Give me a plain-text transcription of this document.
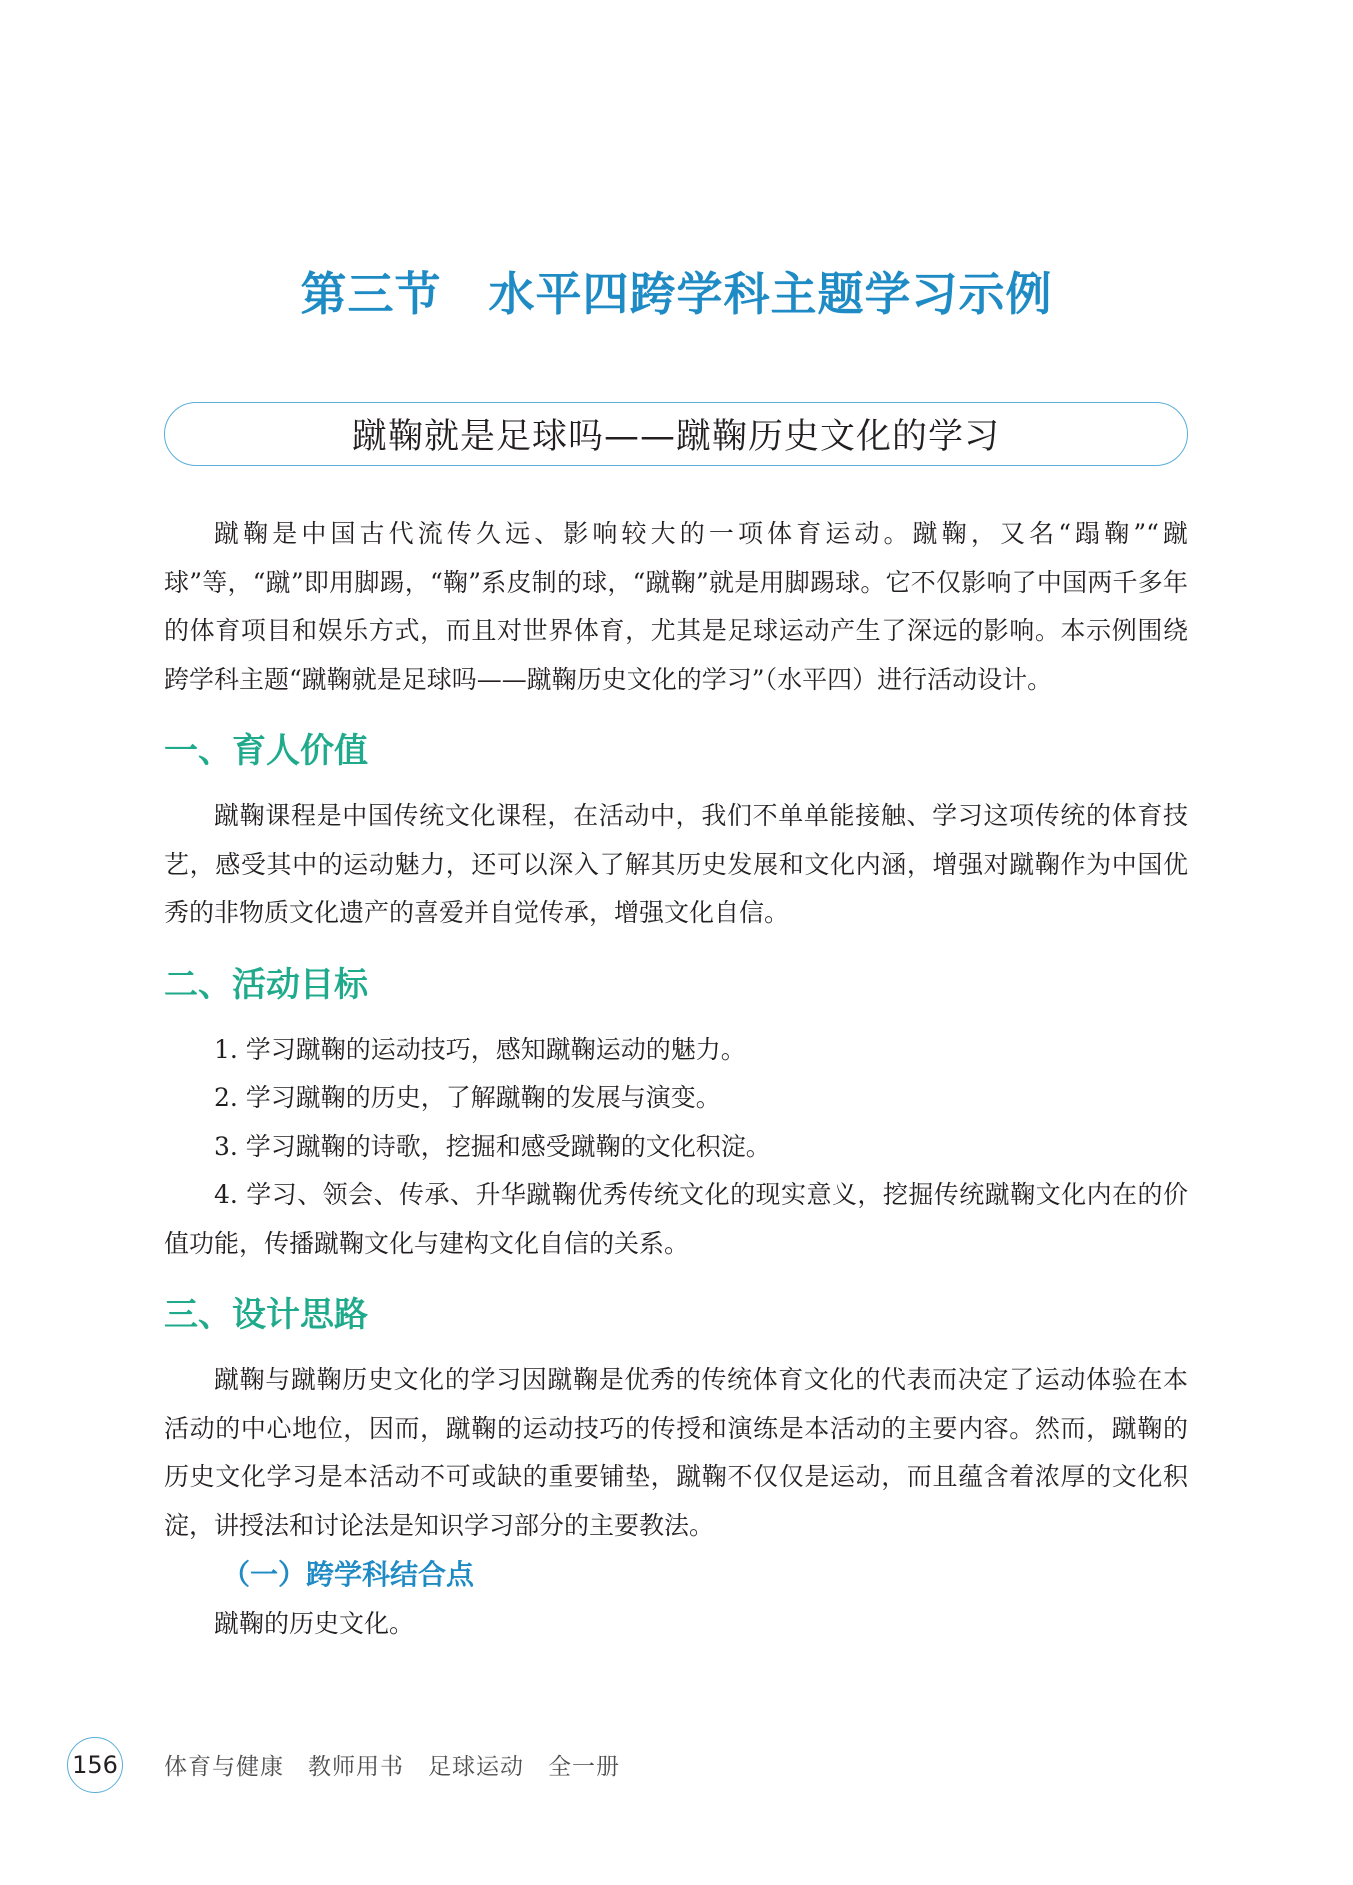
第三节　水平四跨学科主题学习示例
蹴鞠就是足球吗——蹴鞠历史文化的学习

蹴鞠是中国古代流传久远、影响较大的一项体育运动。蹴鞠，又名“蹋鞠”“蹴球”等，“蹴”即用脚踢，“鞠”系皮制的球，“蹴鞠”就是用脚踢球。它不仅影响了中国两千多年的体育项目和娱乐方式，而且对世界体育，尤其是足球运动产生了深远的影响。本示例围绕跨学科主题“蹴鞠就是足球吗——蹴鞠历史文化的学习”（水平四）进行活动设计。

一、育人价值

蹴鞠课程是中国传统文化课程，在活动中，我们不单单能接触、学习这项传统的体育技艺，感受其中的运动魅力，还可以深入了解其历史发展和文化内涵，增强对蹴鞠作为中国优秀的非物质文化遗产的喜爱并自觉传承，增强文化自信。

二、活动目标

1. 学习蹴鞠的运动技巧，感知蹴鞠运动的魅力。

2. 学习蹴鞠的历史，了解蹴鞠的发展与演变。

3. 学习蹴鞠的诗歌，挖掘和感受蹴鞠的文化积淀。

4. 学习、领会、传承、升华蹴鞠优秀传统文化的现实意义，挖掘传统蹴鞠文化内在的价值功能，传播蹴鞠文化与建构文化自信的关系。

三、设计思路

蹴鞠与蹴鞠历史文化的学习因蹴鞠是优秀的传统体育文化的代表而决定了运动体验在本活动的中心地位，因而，蹴鞠的运动技巧的传授和演练是本活动的主要内容。然而，蹴鞠的历史文化学习是本活动不可或缺的重要铺垫，蹴鞠不仅仅是运动，而且蕴含着浓厚的文化积淀，讲授法和讨论法是知识学习部分的主要教法。

（一）跨学科结合点

蹴鞠的历史文化。

156 体育与健康　教师用书　足球运动　全一册
